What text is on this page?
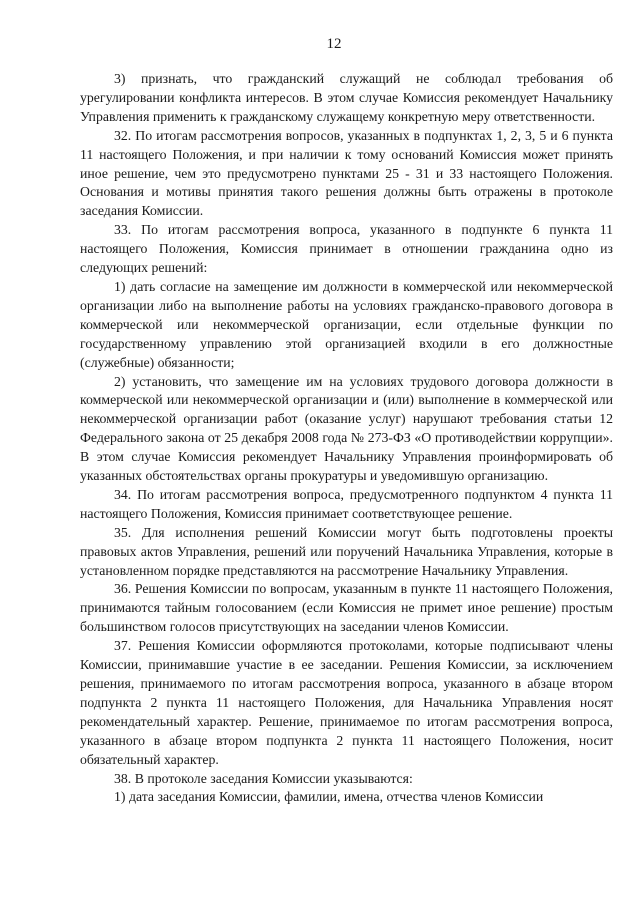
12

3) признать, что гражданский служащий не соблюдал требования об урегулировании конфликта интересов. В этом случае Комиссия рекомендует Начальнику Управления применить к гражданскому служащему конкретную меру ответственности.

32. По итогам рассмотрения вопросов, указанных в подпунктах 1, 2, 3, 5 и 6 пункта 11 настоящего Положения, и при наличии к тому оснований Комиссия может принять иное решение, чем это предусмотрено пунктами 25 - 31 и 33 настоящего Положения. Основания и мотивы принятия такого решения должны быть отражены в протоколе заседания Комиссии.

33. По итогам рассмотрения вопроса, указанного в подпункте 6 пункта 11 настоящего Положения, Комиссия принимает в отношении гражданина одно из следующих решений:

1) дать согласие на замещение им должности в коммерческой или некоммерческой организации либо на выполнение работы на условиях гражданско-правового договора в коммерческой или некоммерческой организации, если отдельные функции по государственному управлению этой организацией входили в его должностные (служебные) обязанности;

2) установить, что замещение им на условиях трудового договора должности в коммерческой или некоммерческой организации и (или) выполнение в коммерческой или некоммерческой организации работ (оказание услуг) нарушают требования статьи 12 Федерального закона от 25 декабря 2008 года № 273-ФЗ «О противодействии коррупции». В этом случае Комиссия рекомендует Начальнику Управления проинформировать об указанных обстоятельствах органы прокуратуры и уведомившую организацию.

34. По итогам рассмотрения вопроса, предусмотренного подпунктом 4 пункта 11 настоящего Положения, Комиссия принимает соответствующее решение.

35. Для исполнения решений Комиссии могут быть подготовлены проекты правовых актов Управления, решений или поручений Начальника Управления, которые в установленном порядке представляются на рассмотрение Начальнику Управления.

36. Решения Комиссии по вопросам, указанным в пункте 11 настоящего Положения, принимаются тайным голосованием (если Комиссия не примет иное решение) простым большинством голосов присутствующих на заседании членов Комиссии.

37. Решения Комиссии оформляются протоколами, которые подписывают члены Комиссии, принимавшие участие в ее заседании. Решения Комиссии, за исключением решения, принимаемого по итогам рассмотрения вопроса, указанного в абзаце втором подпункта 2 пункта 11 настоящего Положения, для Начальника Управления носят рекомендательный характер. Решение, принимаемое по итогам рассмотрения вопроса, указанного в абзаце втором подпункта 2 пункта 11 настоящего Положения, носит обязательный характер.

38. В протоколе заседания Комиссии указываются:

1) дата заседания Комиссии, фамилии, имена, отчества членов Комиссии
